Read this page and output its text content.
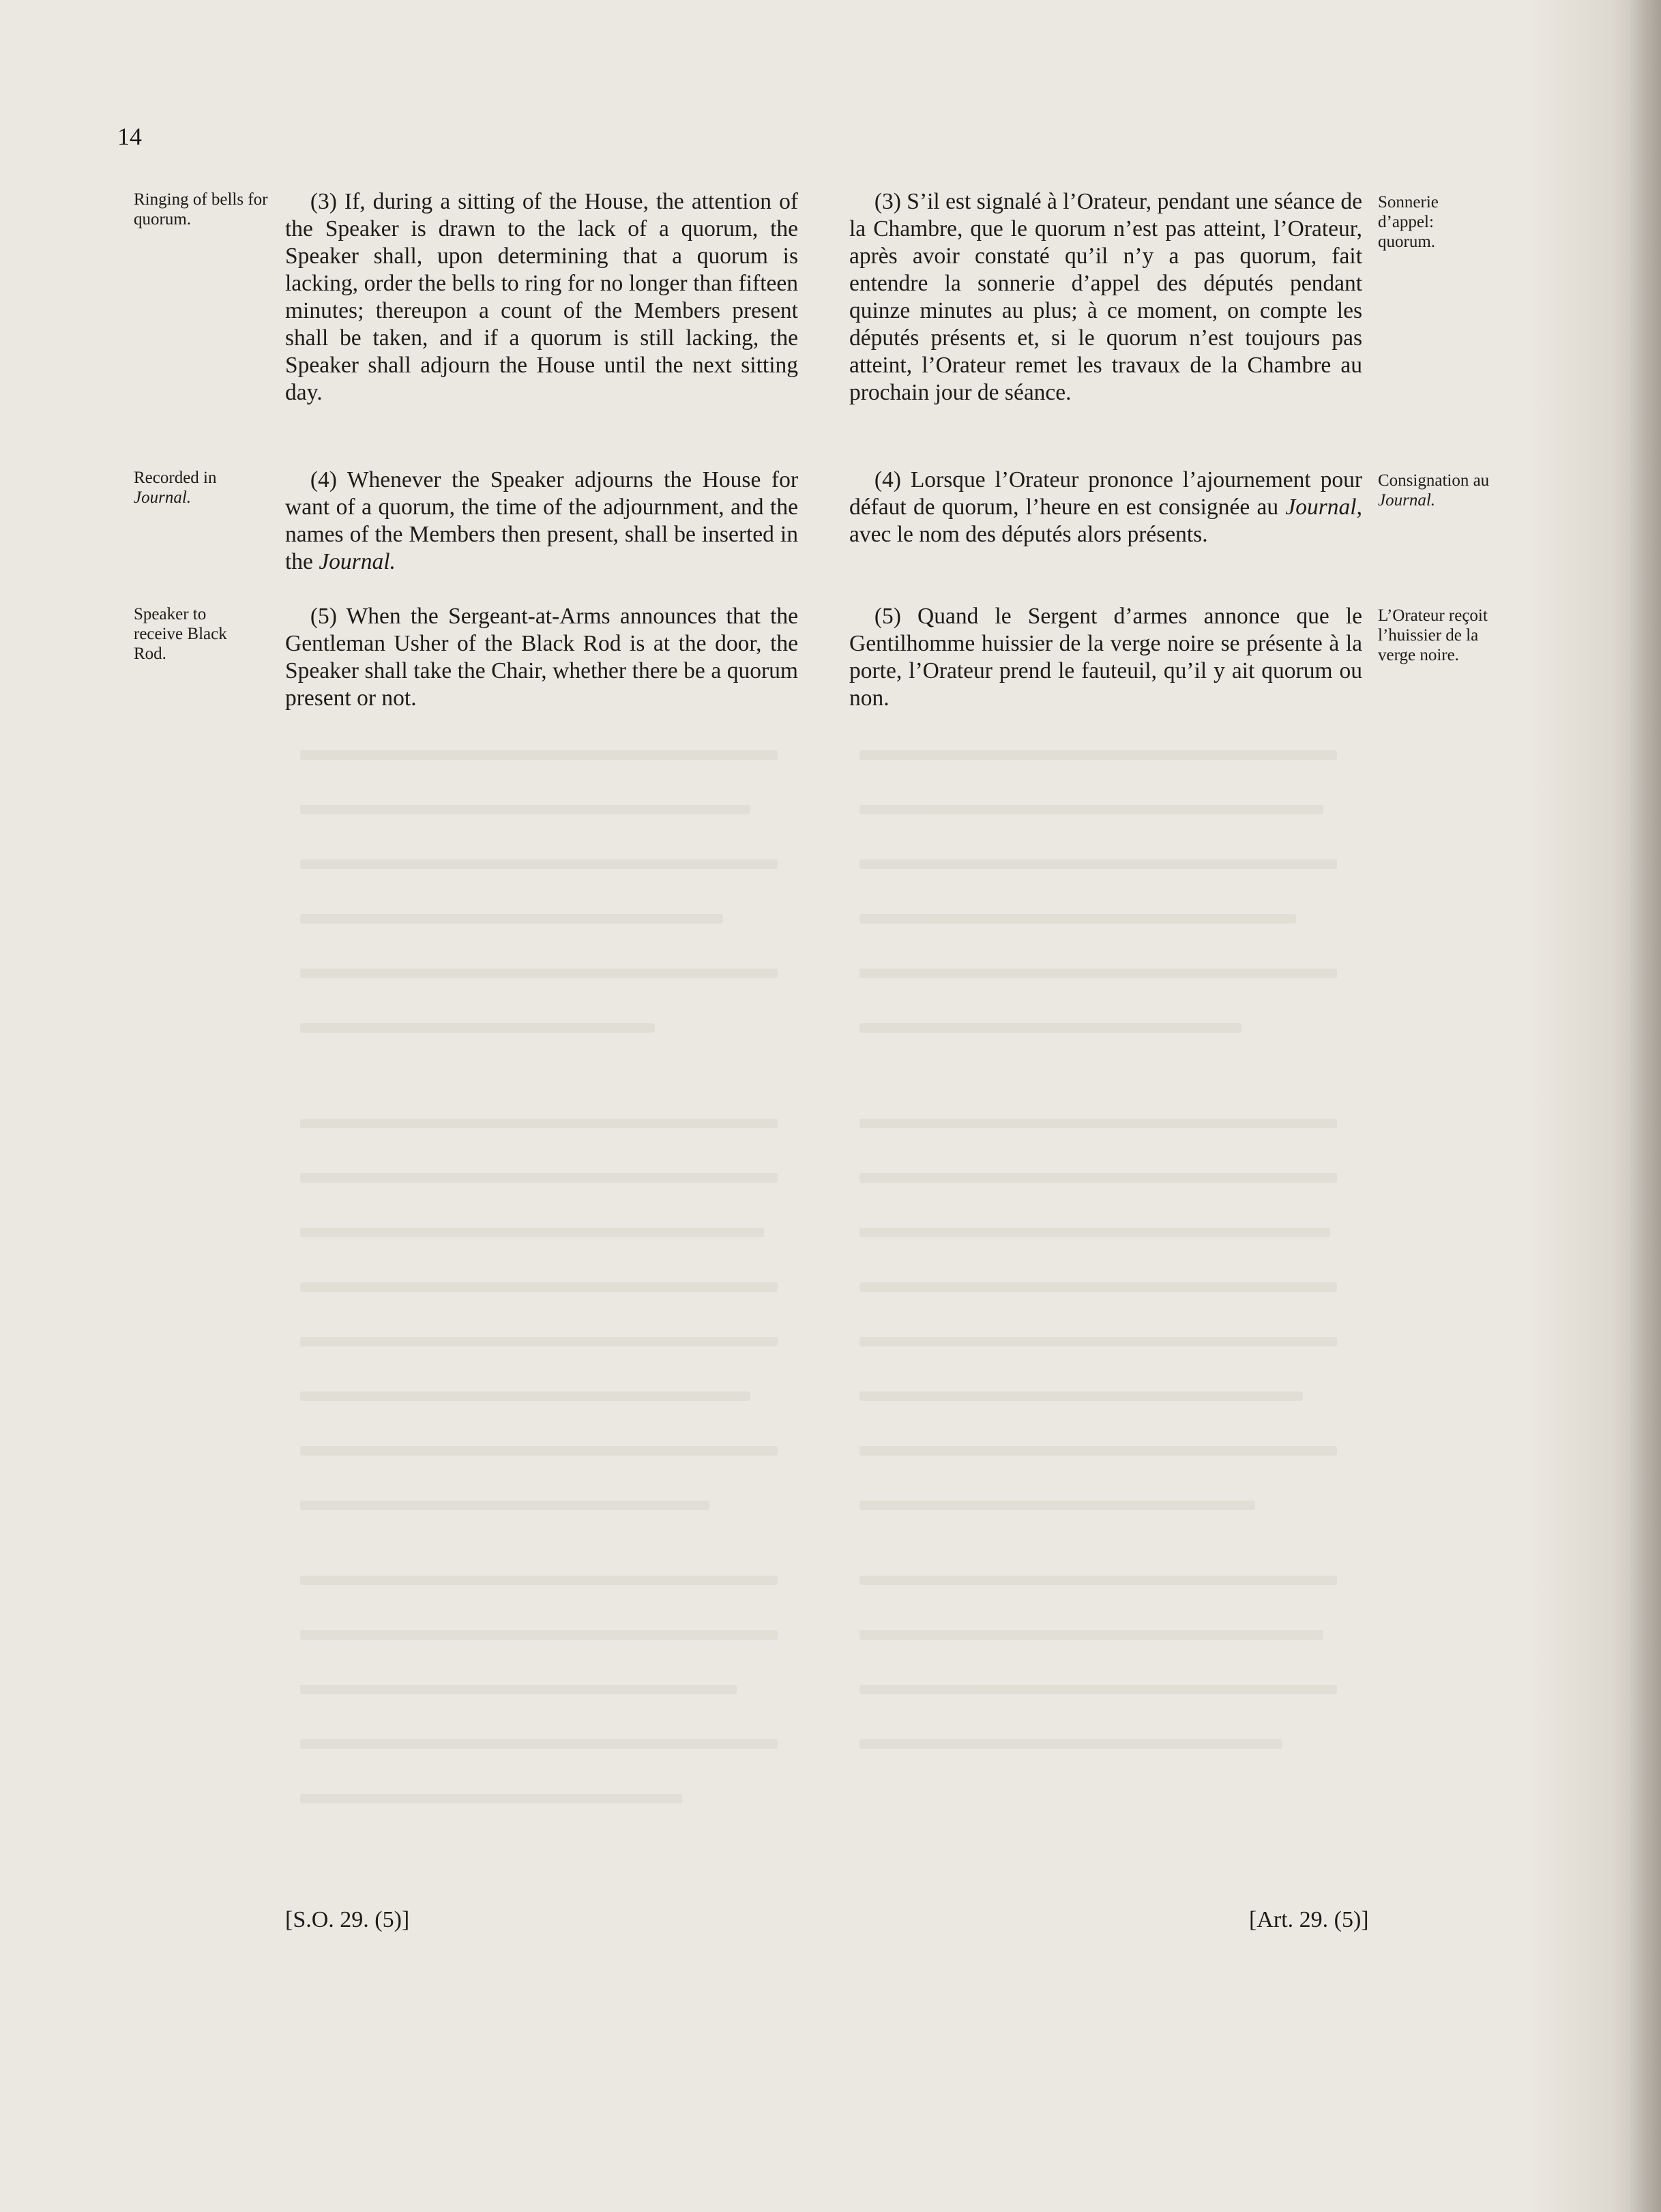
14
Ringing of bells for quorum.

(3) If, during a sitting of the House, the attention of the Speaker is drawn to the lack of a quorum, the Speaker shall, upon determining that a quorum is lacking, order the bells to ring for no longer than fifteen minutes; thereupon a count of the Members present shall be taken, and if a quorum is still lacking, the Speaker shall adjourn the House until the next sitting day.

(3) S’il est signalé à l’Orateur, pendant une séance de la Chambre, que le quorum n’est pas atteint, l’Orateur, après avoir constaté qu’il n’y a pas quorum, fait entendre la sonnerie d’appel des députés pendant quinze minutes au plus; à ce moment, on compte les députés présents et, si le quorum n’est toujours pas atteint, l’Orateur remet les travaux de la Chambre au prochain jour de séance.

Sonnerie d’appel: quorum.
Recorded in
Journal.

(4) Whenever the Speaker adjourns the House for want of a quorum, the time of the adjournment, and the names of the Members then present, shall be inserted in the Journal.

(4) Lorsque l’Orateur prononce l’ajournement pour défaut de quorum, l’heure en est consignée au Journal, avec le nom des députés alors présents.

Consignation au
Journal.
Speaker to receive Black Rod.

(5) When the Sergeant-at-Arms announces that the Gentleman Usher of the Black Rod is at the door, the Speaker shall take the Chair, whether there be a quorum present or not.

(5) Quand le Sergent d’armes annonce que le Gentilhomme huissier de la verge noire se présente à la porte, l’Orateur prend le fauteuil, qu’il y ait quorum ou non.

L’Orateur reçoit l’huissier de la verge noire.
[S.O. 29. (5)]	[Art. 29. (5)]
